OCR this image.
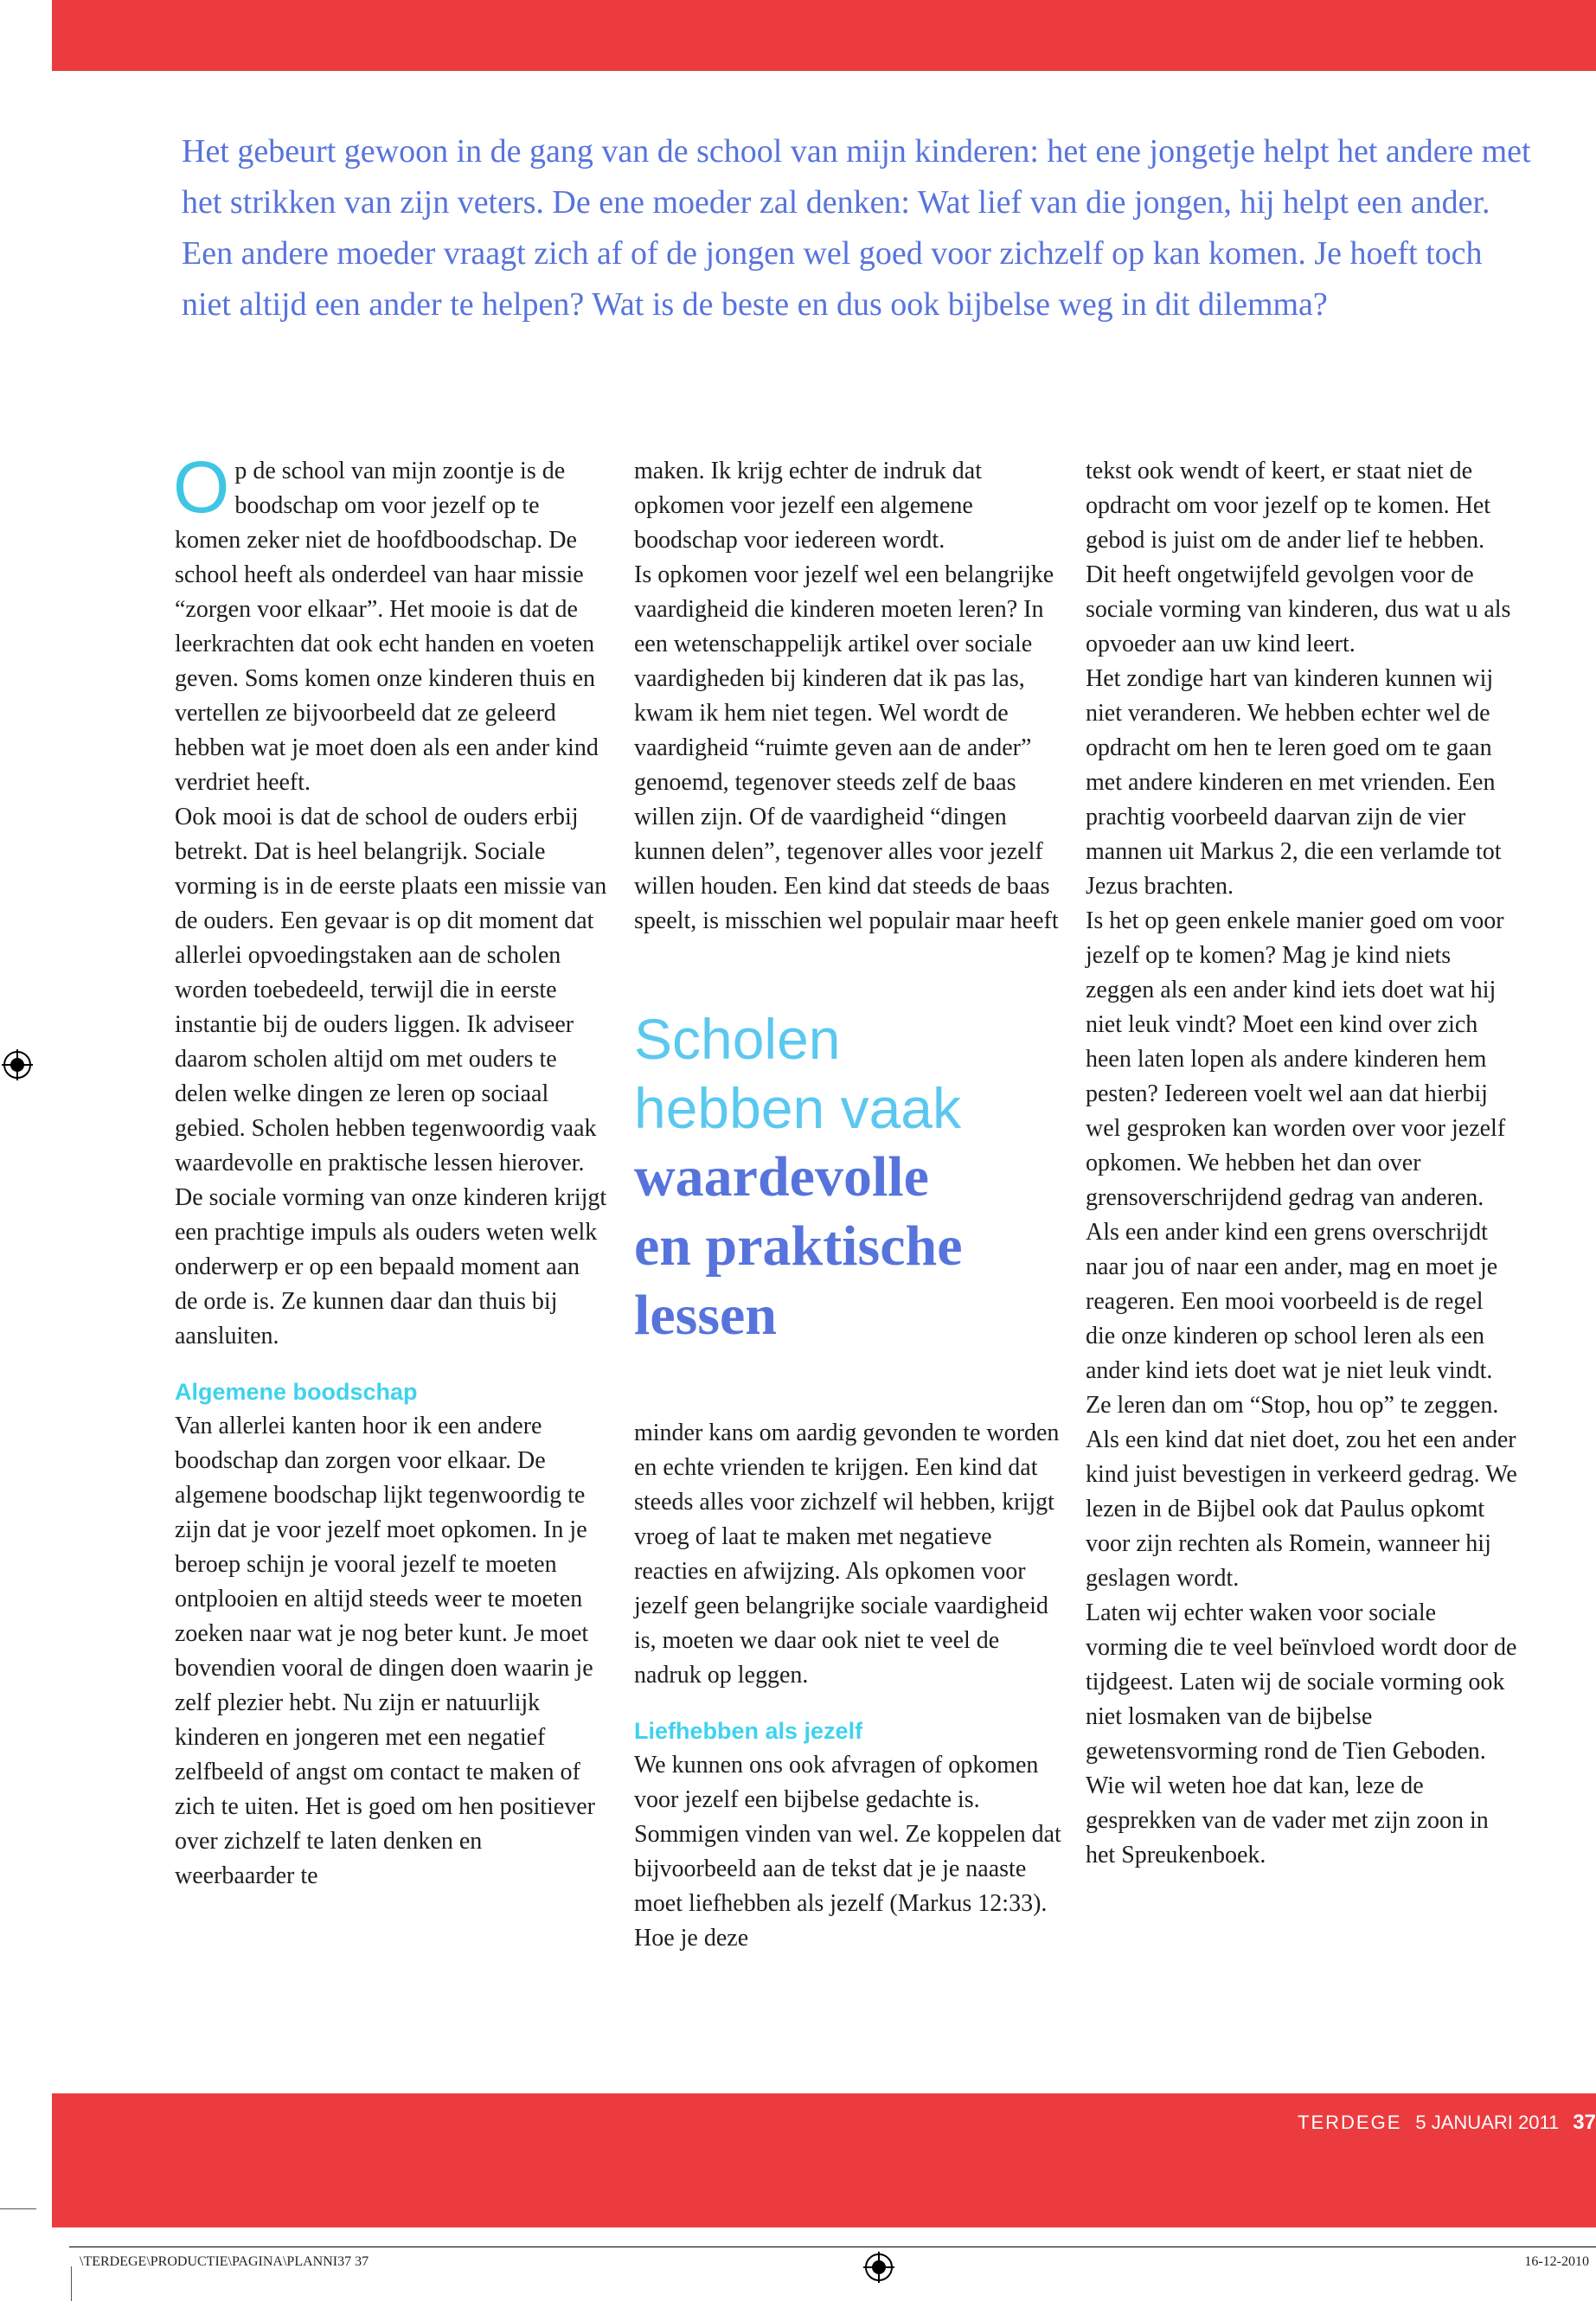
Het gebeurt gewoon in de gang van de school van mijn kinderen: het ene jongetje helpt het andere met het strikken van zijn veters. De ene moeder zal denken: Wat lief van die jongen, hij helpt een ander. Een andere moeder vraagt zich af of de jongen wel goed voor zichzelf op kan komen. Je hoeft toch niet altijd een ander te helpen? Wat is de beste en dus ook bijbelse weg in dit dilemma?

Op de school van mijn zoontje is de boodschap om voor jezelf op te komen zeker niet de hoofdboodschap. De school heeft als onderdeel van haar missie “zorgen voor elkaar”. Het mooie is dat de leerkrachten dat ook echt handen en voeten geven. Soms komen onze kinderen thuis en vertellen ze bijvoorbeeld dat ze geleerd hebben wat je moet doen als een ander kind verdriet heeft.

Ook mooi is dat de school de ouders erbij betrekt. Dat is heel belangrijk. Sociale vorming is in de eerste plaats een missie van de ouders. Een gevaar is op dit moment dat allerlei opvoedingstaken aan de scholen worden toebedeeld, terwijl die in eerste instantie bij de ouders liggen. Ik adviseer daarom scholen altijd om met ouders te delen welke dingen ze leren op sociaal gebied. Scholen hebben tegenwoordig vaak waardevolle en praktische lessen hierover. De sociale vorming van onze kinderen krijgt een prachtige impuls als ouders weten welk onderwerp er op een bepaald moment aan de orde is. Ze kunnen daar dan thuis bij aansluiten.

Algemene boodschap

Van allerlei kanten hoor ik een andere boodschap dan zorgen voor elkaar. De algemene boodschap lijkt tegenwoordig te zijn dat je voor jezelf moet opkomen. In je beroep schijn je vooral jezelf te moeten ontplooien en altijd steeds weer te moeten zoeken naar wat je nog beter kunt. Je moet bovendien vooral de dingen doen waarin je zelf plezier hebt. Nu zijn er natuurlijk kinderen en jongeren met een negatief zelfbeeld of angst om contact te maken of zich te uiten. Het is goed om hen positiever over zichzelf te laten denken en weerbaarder te

maken. Ik krijg echter de indruk dat opkomen voor jezelf een algemene boodschap voor iedereen wordt.

Is opkomen voor jezelf wel een belangrijke vaardigheid die kinderen moeten leren? In een wetenschappelijk artikel over sociale vaardigheden bij kinderen dat ik pas las, kwam ik hem niet tegen. Wel wordt de vaardigheid “ruimte geven aan de ander” genoemd, tegenover steeds zelf de baas willen zijn. Of de vaardigheid “dingen kunnen delen”, tegenover alles voor jezelf willen houden. Een kind dat steeds de baas speelt, is misschien wel populair maar heeft

Scholen
hebben vaak
waardevolle
en praktische
lessen

minder kans om aardig gevonden te worden en echte vrienden te krijgen. Een kind dat steeds alles voor zichzelf wil hebben, krijgt vroeg of laat te maken met negatieve reacties en afwijzing. Als opkomen voor jezelf geen belangrijke sociale vaardigheid is, moeten we daar ook niet te veel de nadruk op leggen.

Liefhebben als jezelf

We kunnen ons ook afvragen of opkomen voor jezelf een bijbelse gedachte is. Sommigen vinden van wel. Ze koppelen dat bijvoorbeeld aan de tekst dat je je naaste moet liefhebben als jezelf (Markus 12:33). Hoe je deze

tekst ook wendt of keert, er staat niet de opdracht om voor jezelf op te komen. Het gebod is juist om de ander lief te hebben. Dit heeft ongetwijfeld gevolgen voor de sociale vorming van kinderen, dus wat u als opvoeder aan uw kind leert.

Het zondige hart van kinderen kunnen wij niet veranderen. We hebben echter wel de opdracht om hen te leren goed om te gaan met andere kinderen en met vrienden. Een prachtig voorbeeld daarvan zijn de vier mannen uit Markus 2, die een verlamde tot Jezus brachten.

Is het op geen enkele manier goed om voor jezelf op te komen? Mag je kind niets zeggen als een ander kind iets doet wat hij niet leuk vindt? Moet een kind over zich heen laten lopen als andere kinderen hem pesten? Iedereen voelt wel aan dat hierbij wel gesproken kan worden over voor jezelf opkomen. We hebben het dan over grensoverschrijdend gedrag van anderen. Als een ander kind een grens overschrijdt naar jou of naar een ander, mag en moet je reageren. Een mooi voorbeeld is de regel die onze kinderen op school leren als een ander kind iets doet wat je niet leuk vindt. Ze leren dan om “Stop, hou op” te zeggen. Als een kind dat niet doet, zou het een ander kind juist bevestigen in verkeerd gedrag. We lezen in de Bijbel ook dat Paulus opkomt voor zijn rechten als Romein, wanneer hij geslagen wordt.

Laten wij echter waken voor sociale vorming die te veel beïnvloed wordt door de tijdgeest. Laten wij de sociale vorming ook niet losmaken van de bijbelse gewetensvorming rond de Tien Geboden. Wie wil weten hoe dat kan, leze de gesprekken van de vader met zijn zoon in het Spreukenboek.

TERDEGE 5 JANUARI 2011 37
\TERDEGE\PRODUCTIE\PAGINA\PLANNI37 37	16-12-2010
